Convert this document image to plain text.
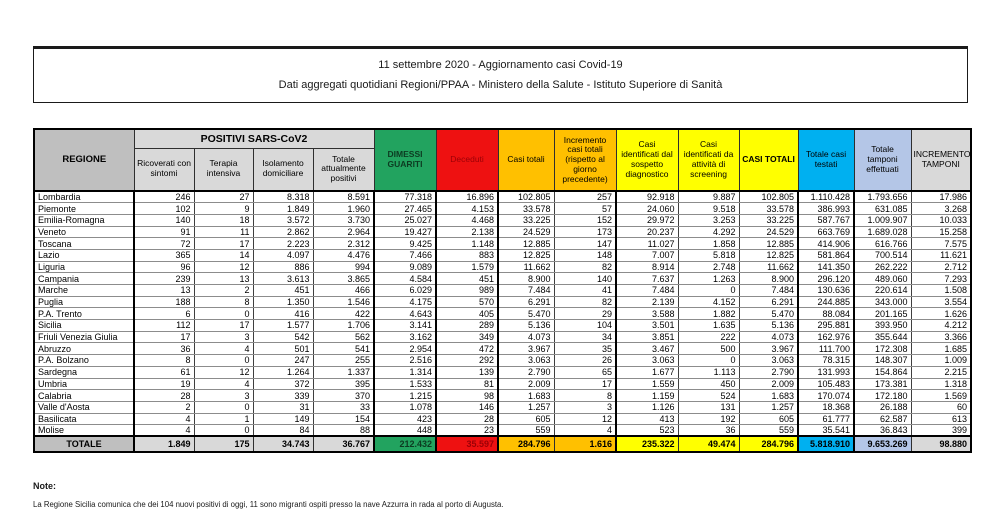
11 settembre 2020 - Aggiornamento casi Covid-19
Dati aggregati quotidiani Regioni/PPAA - Ministero della Salute - Istituto Superiore di Sanità
REGIONE	POSITIVI SARS-CoV2				DIMESSI GUARITI	Deceduti	Casi totali	Incremento casi totali (rispetto al giorno precedente)	Casi identificati dal sospetto diagnostico	Casi identificati da attività di screening	CASI TOTALI	Totale casi testati	Totale tamponi effettuati	INCREMENTO TAMPONI
	Ricoverati con sintomi	Terapia intensiva	Isolamento domiciliare	Totale attualmente positivi										
Lombardia	246	27	8.318	8.591	77.318	16.896	102.805	257	92.918	9.887	102.805	1.110.428	1.793.656	17.986
Piemonte	102	9	1.849	1.960	27.465	4.153	33.578	57	24.060	9.518	33.578	386.993	631.085	3.268
Emilia-Romagna	140	18	3.572	3.730	25.027	4.468	33.225	152	29.972	3.253	33.225	587.767	1.009.907	10.033
Veneto	91	11	2.862	2.964	19.427	2.138	24.529	173	20.237	4.292	24.529	663.769	1.689.028	15.258
Toscana	72	17	2.223	2.312	9.425	1.148	12.885	147	11.027	1.858	12.885	414.906	616.766	7.575
Lazio	365	14	4.097	4.476	7.466	883	12.825	148	7.007	5.818	12.825	581.864	700.514	11.621
Liguria	96	12	886	994	9.089	1.579	11.662	82	8.914	2.748	11.662	141.350	262.222	2.712
Campania	239	13	3.613	3.865	4.584	451	8.900	140	7.637	1.263	8.900	296.120	489.060	7.293
Marche	13	2	451	466	6.029	989	7.484	41	7.484	0	7.484	130.636	220.614	1.508
Puglia	188	8	1.350	1.546	4.175	570	6.291	82	2.139	4.152	6.291	244.885	343.000	3.554
P.A. Trento	6	0	416	422	4.643	405	5.470	29	3.588	1.882	5.470	88.084	201.165	1.626
Sicilia	112	17	1.577	1.706	3.141	289	5.136	104	3.501	1.635	5.136	295.881	393.950	4.212
Friuli Venezia Giulia	17	3	542	562	3.162	349	4.073	34	3.851	222	4.073	162.976	355.644	3.366
Abruzzo	36	4	501	541	2.954	472	3.967	35	3.467	500	3.967	111.700	172.308	1.685
P.A. Bolzano	8	0	247	255	2.516	292	3.063	26	3.063	0	3.063	78.315	148.307	1.009
Sardegna	61	12	1.264	1.337	1.314	139	2.790	65	1.677	1.113	2.790	131.993	154.864	2.215
Umbria	19	4	372	395	1.533	81	2.009	17	1.559	450	2.009	105.483	173.381	1.318
Calabria	28	3	339	370	1.215	98	1.683	8	1.159	524	1.683	170.074	172.180	1.569
Valle d'Aosta	2	0	31	33	1.078	146	1.257	3	1.126	131	1.257	18.368	26.188	60
Basilicata	4	1	149	154	423	28	605	12	413	192	605	61.777	62.587	613
Molise	4	0	84	88	448	23	559	4	523	36	559	35.541	36.843	399
TOTALE	1.849	175	34.743	36.767	212.432	35.597	284.796	1.616	235.322	49.474	284.796	5.818.910	9.653.269	98.880
Note:
La Regione Sicilia comunica che dei 104 nuovi positivi di oggi, 11 sono migranti ospiti presso la nave Azzurra in rada al porto di Augusta.
